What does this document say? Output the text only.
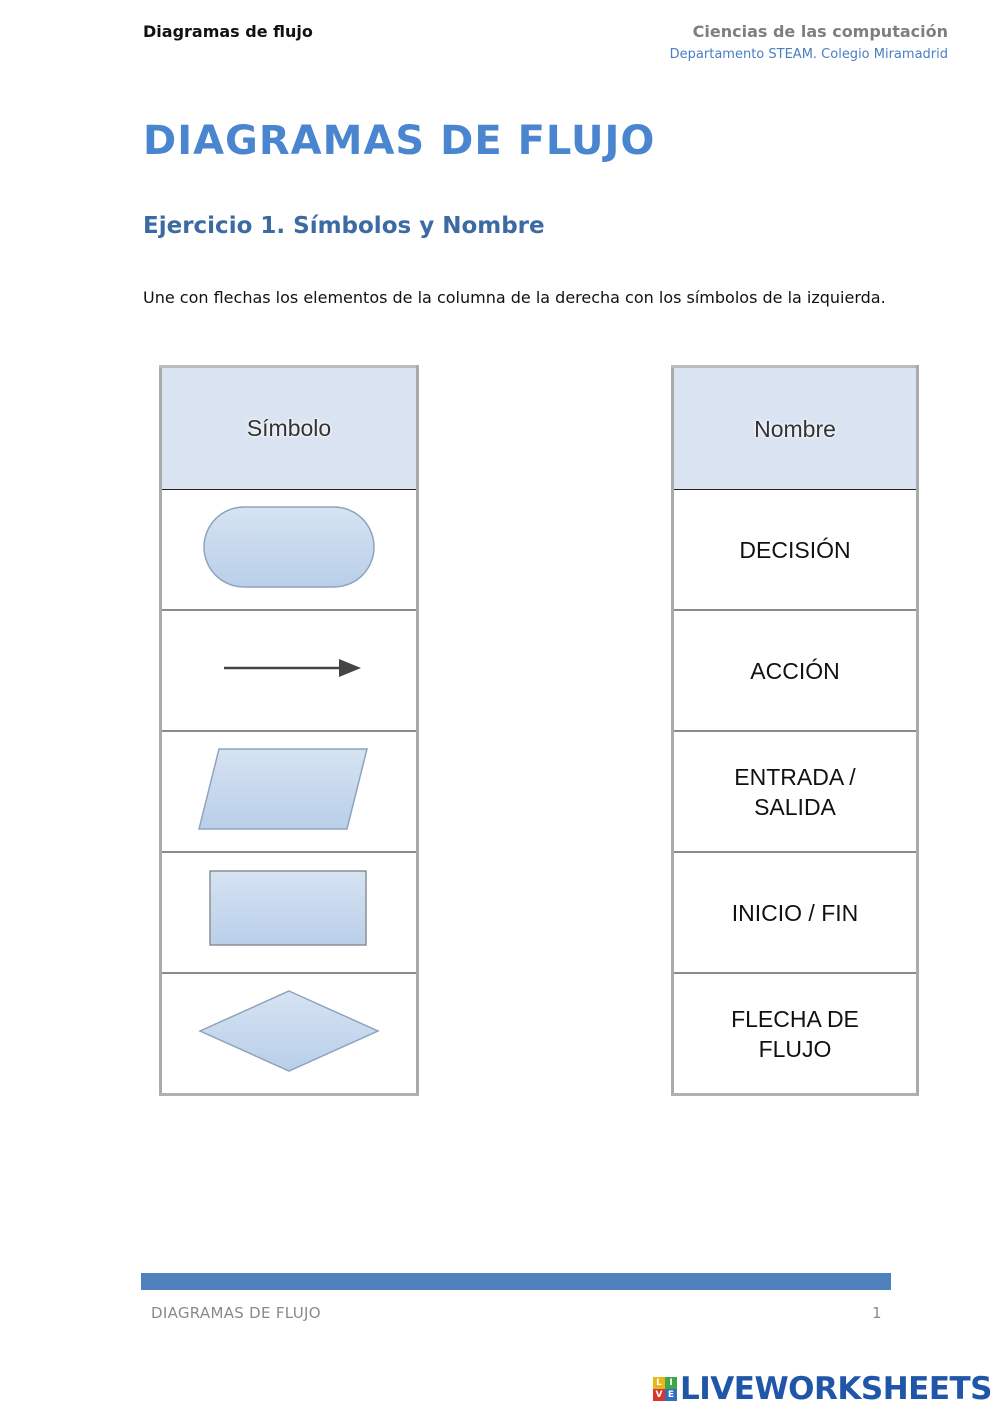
Diagramas de flujo	Ciencias de las computación
Departamento STEAM. Colegio Miramadrid
DIAGRAMAS DE FLUJO
Ejercicio 1. Símbolos y Nombre
Une con flechas los elementos de la columna de la derecha con los símbolos de la izquierda.
Símbolo	Nombre
DECISIÓN
ACCIÓN
ENTRADA / SALIDA
INICIO / FIN
FLECHA DE FLUJO
DIAGRAMAS DE FLUJO	1
L I
V E LIVEWORKSHEETS
